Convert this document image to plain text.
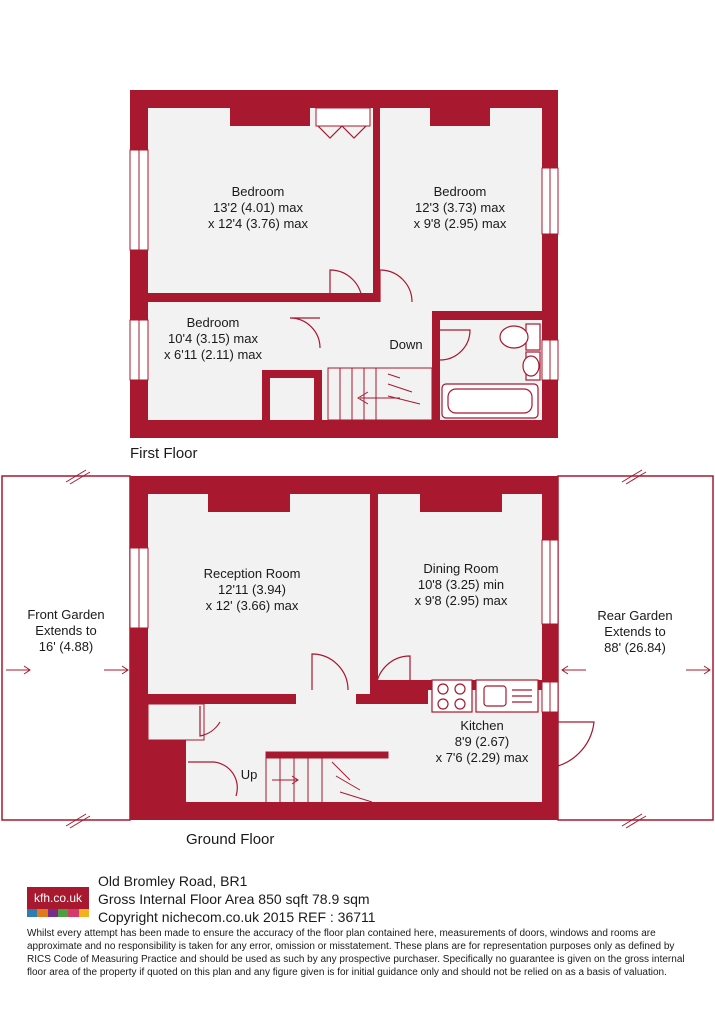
Bedroom
13'2 (4.01) max
x 12'4 (3.76) max
Bedroom
12'3 (3.73) max
x 9'8 (2.95) max
Bedroom
10'4 (3.15) max
x 6'11 (2.11) max
Down
First Floor
Reception Room
12'11 (3.94)
x 12' (3.66) max
Dining Room
10'8 (3.25) min
x 9'8 (2.95) max
Kitchen
8'9 (2.67)
x 7'6 (2.29) max
Front Garden
Extends to
16' (4.88)
Rear Garden
Extends to
88' (26.84)
Up
Ground Floor
kfh.co.uk
Old Bromley Road, BR1
Gross Internal Floor Area 850 sqft 78.9 sqm
Copyright nichecom.co.uk 2015 REF : 36711
Whilst every attempt has been made to ensure the accuracy of the floor plan contained here, measurements of doors, windows and rooms are approximate and no responsibility is taken for any error, omission or misstatement. These plans are for representation purposes only as defined by RICS Code of Measuring Practice and should be used as such by any prospective purchaser. Specifically no guarantee is given on the gross internal floor area of the property if quoted on this plan and any figure given is for initial guidance only and should not be relied on as a basis of valuation.
